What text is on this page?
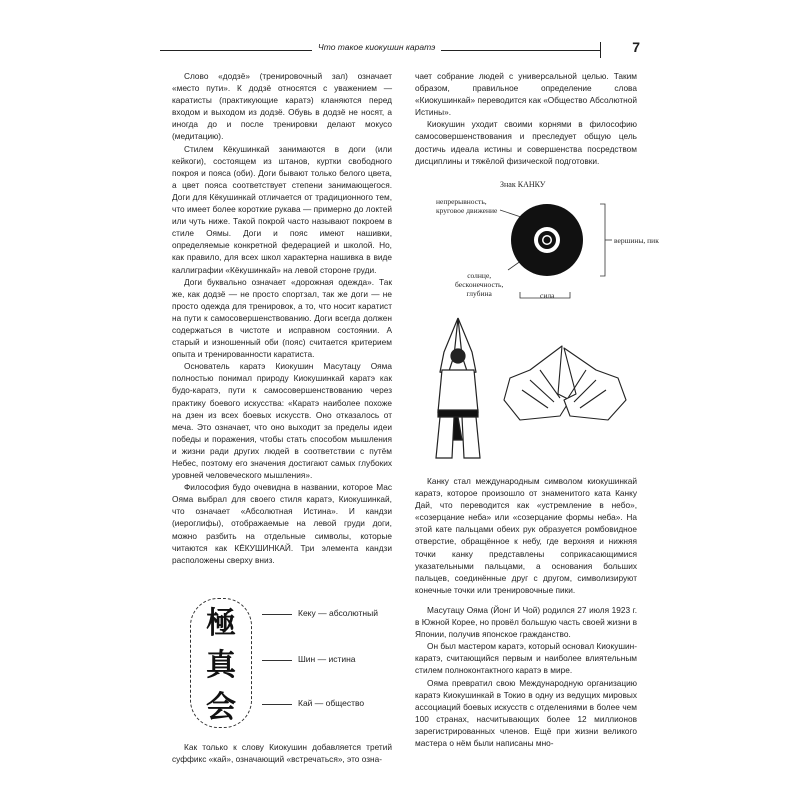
Что такое киокушин каратэ	7

Слово «додзё» (тренировочный зал) означает «место пути». К додзё относятся с уважением — каратисты (практикующие каратэ) кланяются перед входом и выходом из додзё. Обувь в додзё не носят, а иногда до и после тренировки делают мокусо (медитацию).

Стилем Кёкушинкай занимаются в доги (или кейкоги), состоящем из штанов, куртки свободного покроя и пояса (оби). Доги бывают только белого цвета, а цвет пояса соответствует степени занимающегося. Доги для Кёкушинкай отличается от традиционного тем, что имеет более короткие рукава — примерно до локтей или чуть ниже. Такой покрой часто называют покроем в стиле Оямы. Доги и пояс имеют нашивки, определяемые конкретной федерацией и школой. Но, как правило, для всех школ характерна нашивка в виде каллиграфии «Кёкушинкай» на левой стороне груди.

Доги буквально означает «дорожная одежда». Так же, как додзё — не просто спортзал, так же доги — не просто одежда для тренировок, а то, что носит каратист на пути к самосовершенствованию. Доги всегда должен содержаться в чистоте и исправном состоянии. А старый и изношенный оби (пояс) считается критерием опыта и тренированности каратиста.

Основатель каратэ Киокушин Масутацу Ояма полностью понимал природу Киокушинкай каратэ как будо-каратэ, пути к самосовершенствованию через практику боевого искусства: «Каратэ наиболее похоже на дзен из всех боевых искусств. Оно отказалось от меча. Это означает, что оно выходит за пределы идеи победы и поражения, чтобы стать способом мышления и жизни ради других людей в соответствии с путём Небес, поэтому его значения достигают самых глубоких уровней человеческого мышления».

Философия будо очевидна в названии, которое Мас Ояма выбрал для своего стиля каратэ, Киокушинкай, что означает «Абсолютная Истина». И кандзи (иероглифы), отображаемые на левой груди доги, можно разбить на отдельные символы, которые читаются как КЁКУШИНКАЙ. Три элемента кандзи расположены сверху вниз.

極
真
会
Кеку — абсолютный
Шин — истина
Кай — общество

Как только к слову Киокушин добавляется третий суффикс «кай», означающий «встречаться», это озна-

чает собрание людей с универсальной целью. Таким образом, правильное определение слова «Киокушинкай» переводится как «Общество Абсолютной Истины».

Киокушин уходит своими корнями в философию самосовершенствования и преследует общую цель достичь идеала истины и совершенства посредством дисциплины и тяжёлой физической подготовки.

Знак КАНКУ
непрерывность,
круговое движение
вершины, пик
солнце,
бесконечность,
глубина	сила

Канку стал международным символом киокушинкай каратэ, которое произошло от знаменитого ката Канку Дай, что переводится как «устремление в небо», «созерцание неба» или «созерцание формы неба». На этой кате пальцами обеих рук образуется ромбовидное отверстие, обращённое к небу, где верхняя и нижняя точки канку представлены соприкасающимися указательными пальцами, а основания больших пальцев, соединённые друг с другом, символизируют конечные точки или тренировочные пики.

Масутацу Ояма (Йонг И Чой) родился 27 июля 1923 г. в Южной Корее, но провёл большую часть своей жизни в Японии, получив японское гражданство.

Он был мастером каратэ, который основал Киокушин-каратэ, считающийся первым и наиболее влиятельным стилем полноконтактного каратэ в мире.

Ояма превратил свою Международную организацию каратэ Киокушинкай в Токио в одну из ведущих мировых ассоциаций боевых искусств с отделениями в более чем 100 странах, насчитывающих более 12 миллионов зарегистрированных членов. Ещё при жизни великого мастера о нём были написаны мно-
